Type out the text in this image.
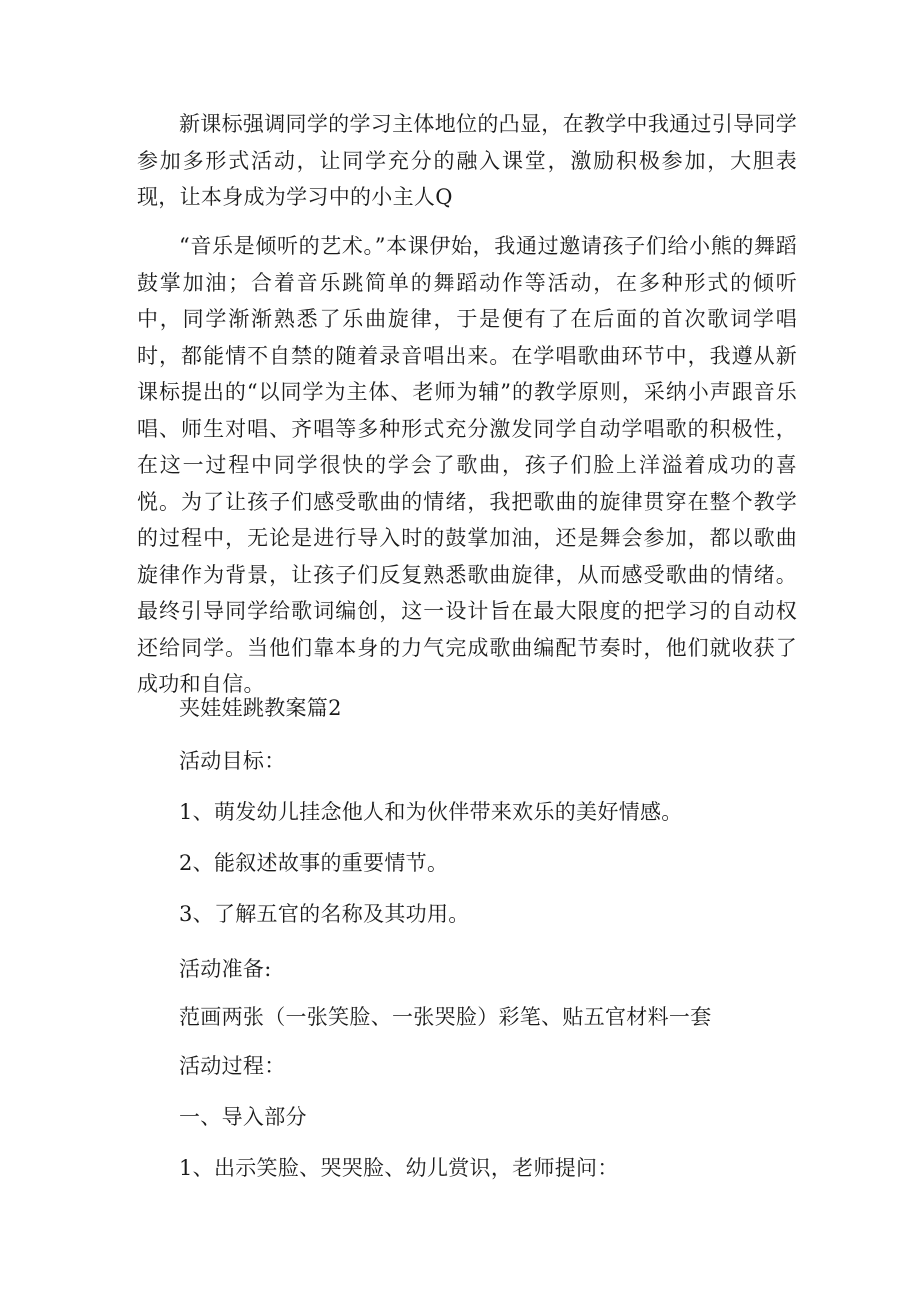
新课标强调同学的学习主体地位的凸显，在教学中我通过引导同学参加多形式活动，让同学充分的融入课堂，激励积极参加，大胆表现，让本身成为学习中的小主人Q

“音乐是倾听的艺术。”本课伊始，我通过邀请孩子们给小熊的舞蹈鼓掌加油；合着音乐跳简单的舞蹈动作等活动，在多种形式的倾听中，同学渐渐熟悉了乐曲旋律，于是便有了在后面的首次歌词学唱时，都能情不自禁的随着录音唱出来。在学唱歌曲环节中，我遵从新课标提出的“以同学为主体、老师为辅”的教学原则，采纳小声跟音乐唱、师生对唱、齐唱等多种形式充分激发同学自动学唱歌的积极性，在这一过程中同学很快的学会了歌曲，孩子们脸上洋溢着成功的喜悦。为了让孩子们感受歌曲的情绪，我把歌曲的旋律贯穿在整个教学的过程中，无论是进行导入时的鼓掌加油，还是舞会参加，都以歌曲旋律作为背景，让孩子们反复熟悉歌曲旋律，从而感受歌曲的情绪。最终引导同学给歌词编创，这一设计旨在最大限度的把学习的自动权还给同学。当他们靠本身的力气完成歌曲编配节奏时，他们就收获了成功和自信。

夹娃娃跳教案篇2

活动目标：

1、萌发幼儿挂念他人和为伙伴带来欢乐的美好情感。

2、能叙述故事的重要情节。

3、了解五官的名称及其功用。

活动准备:

范画两张（一张笑脸、一张哭脸）彩笔、贴五官材料一套

活动过程：

一、导入部分

1、出示笑脸、哭哭脸、幼儿赏识，老师提问：
